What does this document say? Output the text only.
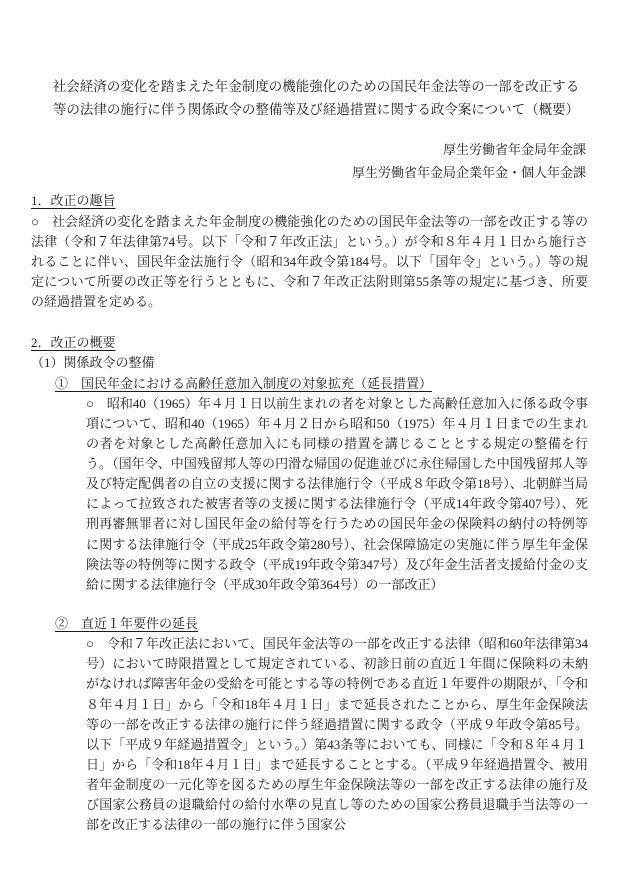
社会経済の変化を踏まえた年金制度の機能強化のための国民年金法等の一部を改正する等の法律の施行に伴う関係政令の整備等及び経過措置に関する政令案について（概要）
厚生労働省年金局年金課
厚生労働省年金局企業年金・個人年金課
1．改正の趣旨
○ 社会経済の変化を踏まえた年金制度の機能強化のための国民年金法等の一部を改正する等の法律（令和７年法律第74号。以下「令和７年改正法」という。）が令和８年４月１日から施行されることに伴い、国民年金法施行令（昭和34年政令第184号。以下「国年令」という。）等の規定について所要の改正等を行うとともに、令和７年改正法附則第55条等の規定に基づき、所要の経過措置を定める。
2．改正の概要
（1）関係政令の整備
①　国民年金における高齢任意加入制度の対象拡充（延長措置）
○ 昭和40（1965）年４月１日以前生まれの者を対象とした高齢任意加入に係る政令事項について、昭和40（1965）年４月２日から昭和50（1975）年４月１日までの生まれの者を対象とした高齢任意加入にも同様の措置を講じることとする規定の整備を行う。（国年令、中国残留邦人等の円滑な帰国の促進並びに永住帰国した中国残留邦人等及び特定配偶者の自立の支援に関する法律施行令（平成８年政令第18号）、北朝鮮当局によって拉致された被害者等の支援に関する法律施行令（平成14年政令第407号）、死刑再審無罪者に対し国民年金の給付等を行うための国民年金の保険料の納付の特例等に関する法律施行令（平成25年政令第280号）、社会保障協定の実施に伴う厚生年金保険法等の特例等に関する政令（平成19年政令第347号）及び年金生活者支援給付金の支給に関する法律施行令（平成30年政令第364号）の一部改正）
②　直近１年要件の延長
○ 令和７年改正法において、国民年金法等の一部を改正する法律（昭和60年法律第34号）において時限措置として規定されている、初診日前の直近１年間に保険料の未納がなければ障害年金の受給を可能とする等の特例である直近１年要件の期限が、「令和８年４月１日」から「令和18年４月１日」まで延長されたことから、厚生年金保険法等の一部を改正する法律の施行に伴う経過措置に関する政令（平成９年政令第85号。以下「平成９年経過措置令」という。）第43条等においても、同様に「令和８年４月１日」から「令和18年４月１日」まで延長することとする。（平成９年経過措置令、被用者年金制度の一元化等を図るための厚生年金保険法等の一部を改正する法律の施行及び国家公務員の退職給付の給付水準の見直し等のための国家公務員退職手当法等の一部を改正する法律の一部の施行に伴う国家公
